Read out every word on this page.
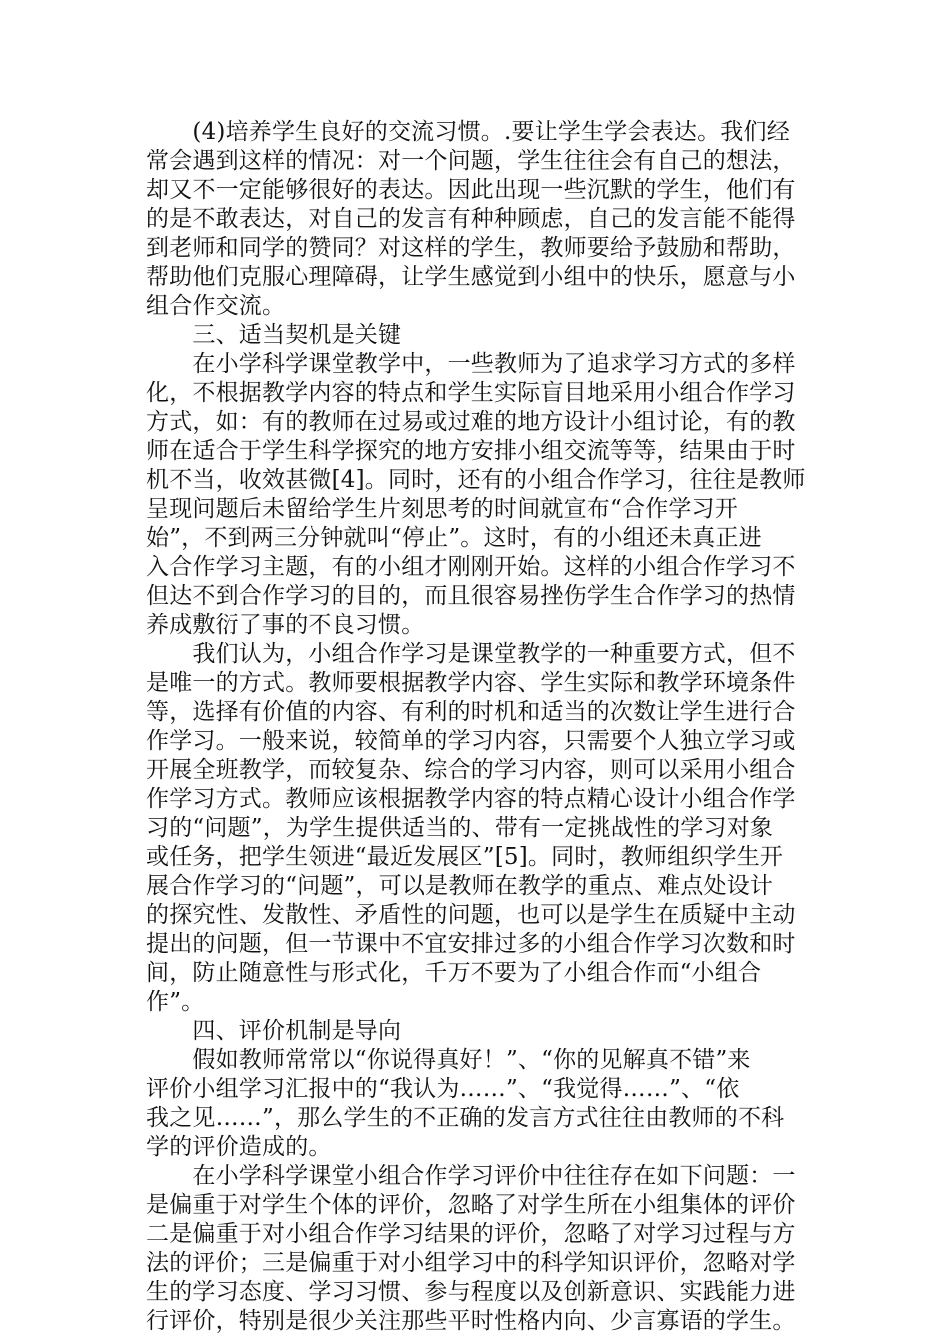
　　(4)培养学生良好的交流习惯。.要让学生学会表达。我们经
常会遇到这样的情况：对一个问题，学生往往会有自己的想法，
却又不一定能够很好的表达。因此出现一些沉默的学生，他们有
的是不敢表达，对自己的发言有种种顾虑，自己的发言能不能得
到老师和同学的赞同？对这样的学生，教师要给予鼓励和帮助，
帮助他们克服心理障碍，让学生感觉到小组中的快乐，愿意与小
组合作交流。
　　三、适当契机是关键
　　在小学科学课堂教学中，一些教师为了追求学习方式的多样
化，不根据教学内容的特点和学生实际盲目地采用小组合作学习
方式，如：有的教师在过易或过难的地方设计小组讨论，有的教
师在适合于学生科学探究的地方安排小组交流等等，结果由于时
机不当，收效甚微[4]。同时，还有的小组合作学习，往往是教师
呈现问题后未留给学生片刻思考的时间就宣布“合作学习开
始”，不到两三分钟就叫“停止”。这时，有的小组还未真正进
入合作学习主题，有的小组才刚刚开始。这样的小组合作学习不
但达不到合作学习的目的，而且很容易挫伤学生合作学习的热情
养成敷衍了事的不良习惯。
　　我们认为，小组合作学习是课堂教学的一种重要方式，但不
是唯一的方式。教师要根据教学内容、学生实际和教学环境条件
等，选择有价值的内容、有利的时机和适当的次数让学生进行合
作学习。一般来说，较简单的学习内容，只需要个人独立学习或
开展全班教学，而较复杂、综合的学习内容，则可以采用小组合
作学习方式。教师应该根据教学内容的特点精心设计小组合作学
习的“问题”，为学生提供适当的、带有一定挑战性的学习对象
或任务，把学生领进“最近发展区”[5]。同时，教师组织学生开
展合作学习的“问题”，可以是教师在教学的重点、难点处设计
的探究性、发散性、矛盾性的问题，也可以是学生在质疑中主动
提出的问题，但一节课中不宜安排过多的小组合作学习次数和时
间，防止随意性与形式化，千万不要为了小组合作而“小组合
作”。
　　四、评价机制是导向
　　假如教师常常以“你说得真好！”、“你的见解真不错”来
评价小组学习汇报中的“我认为……”、“我觉得……”、“依
我之见……”，那么学生的不正确的发言方式往往由教师的不科
学的评价造成的。
　　在小学科学课堂小组合作学习评价中往往存在如下问题：一
是偏重于对学生个体的评价，忽略了对学生所在小组集体的评价
二是偏重于对小组合作学习结果的评价，忽略了对学习过程与方
法的评价；三是偏重于对小组学习中的科学知识评价，忽略对学
生的学习态度、学习习惯、参与程度以及创新意识、实践能力进
行评价，特别是很少关注那些平时性格内向、少言寡语的学生。
